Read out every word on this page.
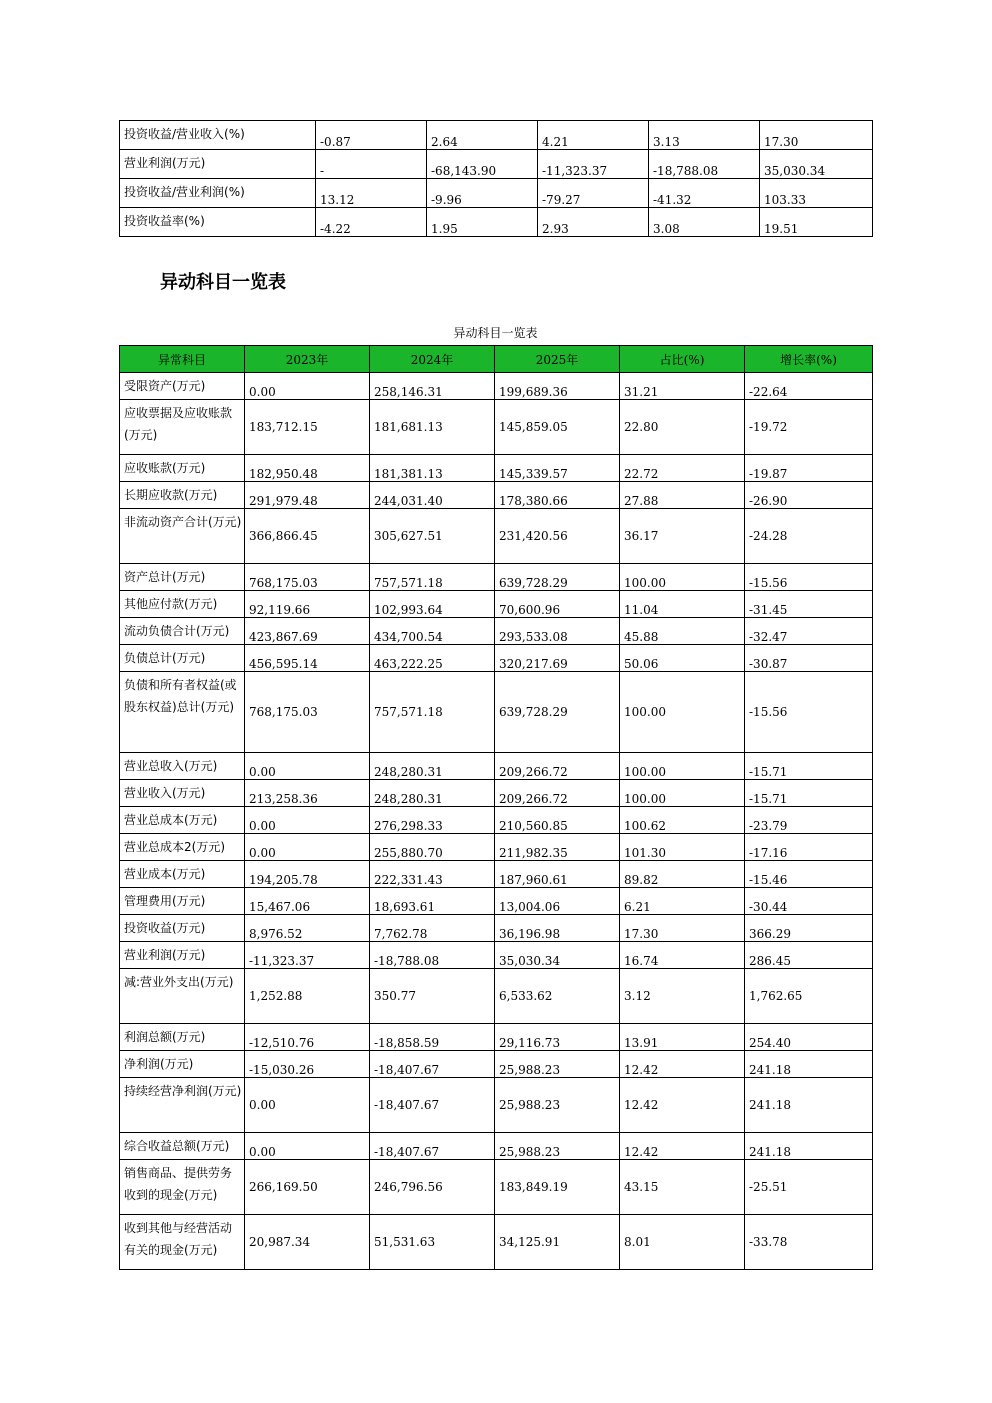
投资收益/营业收入(%)	-0.87	2.64	4.21	3.13	17.30
营业利润(万元)	-	-68,143.90	-11,323.37	-18,788.08	35,030.34
投资收益/营业利润(%)	13.12	-9.96	-79.27	-41.32	103.33
投资收益率(%)	-4.22	1.95	2.93	3.08	19.51
异动科目一览表
异动科目一览表
异常科目	2023年	2024年	2025年	占比(%)	增长率(%)
受限资产(万元)	0.00	258,146.31	199,689.36	31.21	-22.64
应收票据及应收账款(万元)	183,712.15	181,681.13	145,859.05	22.80	-19.72
应收账款(万元)	182,950.48	181,381.13	145,339.57	22.72	-19.87
长期应收款(万元)	291,979.48	244,031.40	178,380.66	27.88	-26.90
非流动资产合计(万元)	366,866.45	305,627.51	231,420.56	36.17	-24.28
资产总计(万元)	768,175.03	757,571.18	639,728.29	100.00	-15.56
其他应付款(万元)	92,119.66	102,993.64	70,600.96	11.04	-31.45
流动负债合计(万元)	423,867.69	434,700.54	293,533.08	45.88	-32.47
负债总计(万元)	456,595.14	463,222.25	320,217.69	50.06	-30.87
负债和所有者权益(或股东权益)总计(万元)	768,175.03	757,571.18	639,728.29	100.00	-15.56
营业总收入(万元)	0.00	248,280.31	209,266.72	100.00	-15.71
营业收入(万元)	213,258.36	248,280.31	209,266.72	100.00	-15.71
营业总成本(万元)	0.00	276,298.33	210,560.85	100.62	-23.79
营业总成本2(万元)	0.00	255,880.70	211,982.35	101.30	-17.16
营业成本(万元)	194,205.78	222,331.43	187,960.61	89.82	-15.46
管理费用(万元)	15,467.06	18,693.61	13,004.06	6.21	-30.44
投资收益(万元)	8,976.52	7,762.78	36,196.98	17.30	366.29
营业利润(万元)	-11,323.37	-18,788.08	35,030.34	16.74	286.45
减:营业外支出(万元)	1,252.88	350.77	6,533.62	3.12	1,762.65
利润总额(万元)	-12,510.76	-18,858.59	29,116.73	13.91	254.40
净利润(万元)	-15,030.26	-18,407.67	25,988.23	12.42	241.18
持续经营净利润(万元)	0.00	-18,407.67	25,988.23	12.42	241.18
综合收益总额(万元)	0.00	-18,407.67	25,988.23	12.42	241.18
销售商品、提供劳务收到的现金(万元)	266,169.50	246,796.56	183,849.19	43.15	-25.51
收到其他与经营活动有关的现金(万元)	20,987.34	51,531.63	34,125.91	8.01	-33.78
